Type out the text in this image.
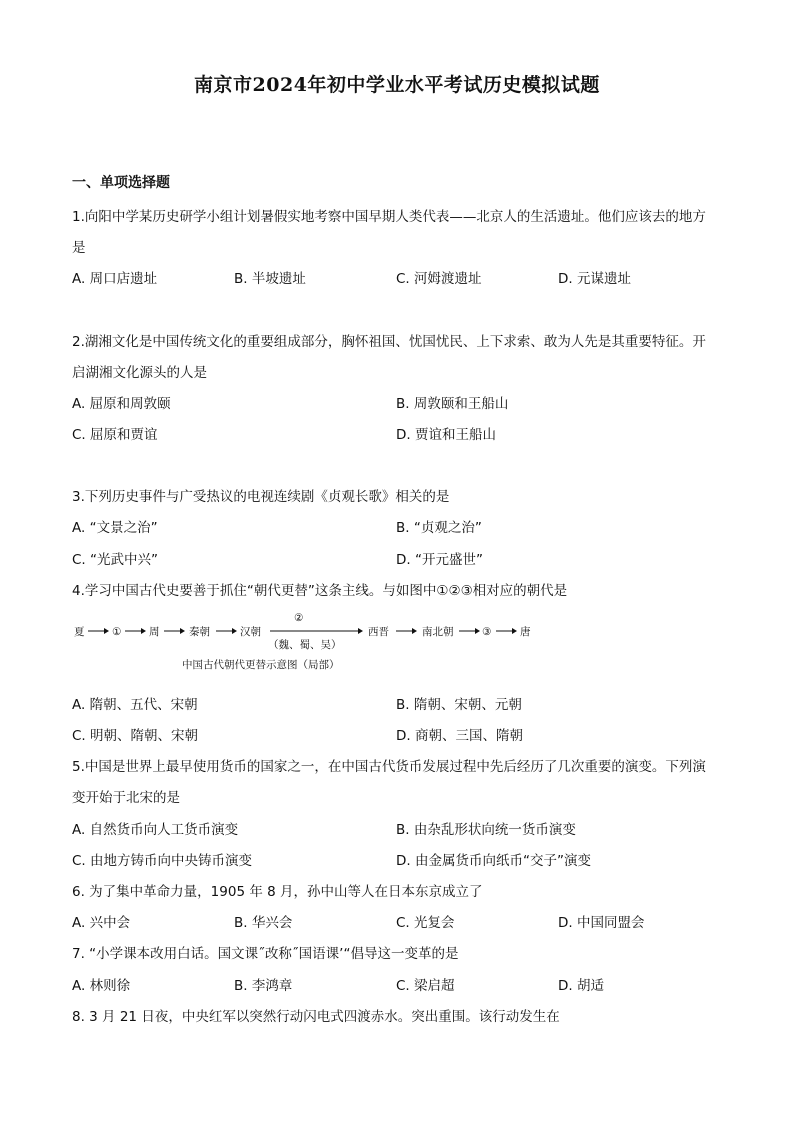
南京市2024年初中学业水平考试历史模拟试题
一、单项选择题
1.向阳中学某历史研学小组计划暑假实地考察中国早期人类代表——北京人的生活遗址。他们应该去的地方
是
A. 周口店遗址	B. 半坡遗址	C. 河姆渡遗址	D. 元谋遗址
2.湖湘文化是中国传统文化的重要组成部分，胸怀祖国、忧国忧民、上下求索、敢为人先是其重要特征。开
启湖湘文化源头的人是
A. 屈原和周敦颐	B. 周敦颐和王船山
C. 屈原和贾谊	D. 贾谊和王船山
3.下列历史事件与广受热议的电视连续剧《贞观长歌》相关的是
A. “文景之治”	B. “贞观之治”
C. “光武中兴”	D. “开元盛世”
4.学习中国古代史要善于抓住“朝代更替”这条主线。与如图中①②③相对应的朝代是
夏	①	周	秦朝	汉朝
②
（魏、蜀、吴）
西晋	南北朝	③	唐
中国古代朝代更替示意图（局部）
A. 隋朝、五代、宋朝	B. 隋朝、宋朝、元朝
C. 明朝、隋朝、宋朝	D. 商朝、三国、隋朝
5.中国是世界上最早使用货币的国家之一，在中国古代货币发展过程中先后经历了几次重要的演变。下列演
变开始于北宋的是
A. 自然货币向人工货币演变	B. 由杂乱形状向统一货币演变
C. 由地方铸币向中央铸币演变	D. 由金属货币向纸币“交子”演变
6. 为了集中革命力量，1905 年 8 月，孙中山等人在日本东京成立了
A. 兴中会	B. 华兴会	C. 光复会	D. 中国同盟会
7. “小学课本改用白话。国文课˝改称˝国语课’“倡导这一变革的是
A. 林则徐	B. 李鸿章	C. 梁启超	D. 胡适
8. 3 月 21 日夜，中央红军以突然行动闪电式四渡赤水。突出重围。该行动发生在
